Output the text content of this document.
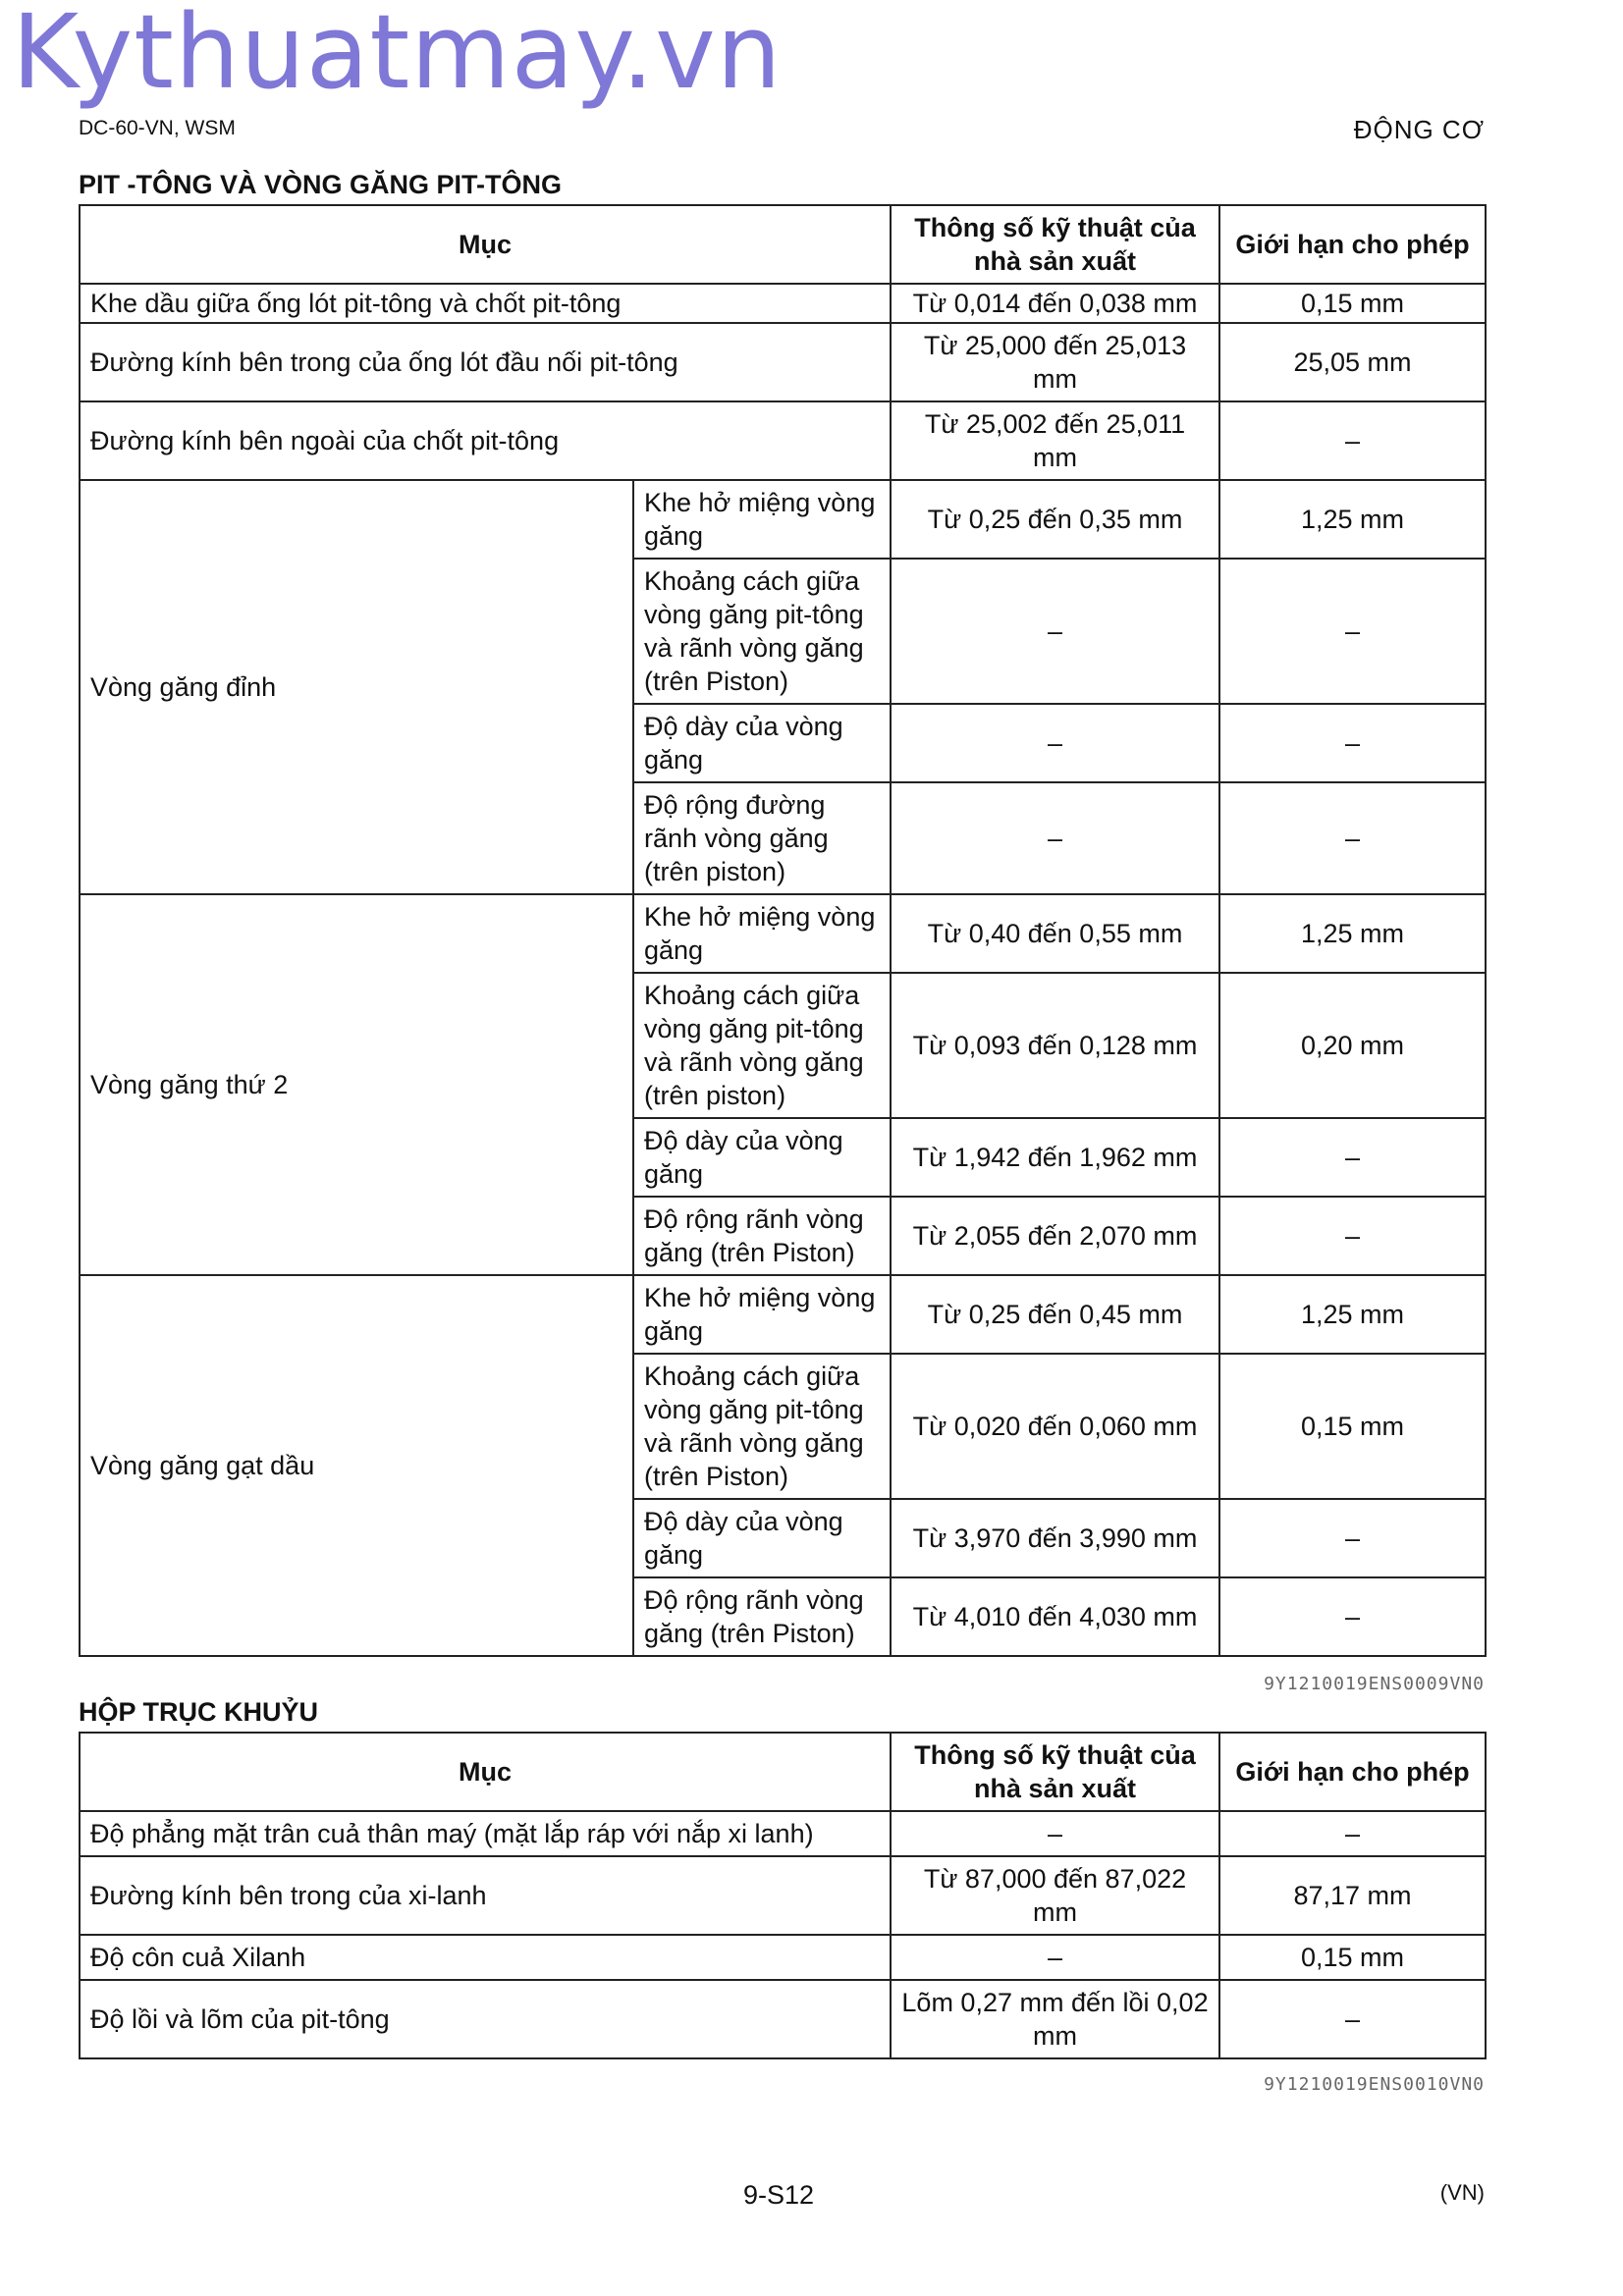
Kythuatmay.vn
DC-60-VN, WSM	ĐỘNG CƠ
PIT -TÔNG VÀ VÒNG GĂNG PIT-TÔNG
Mục		Thông số kỹ thuật của nhà sản xuất	Giới hạn cho phép
Khe dầu giữa ống lót pit-tông và chốt pit-tông		Từ 0,014 đến 0,038 mm	0,15 mm
Đường kính bên trong của ống lót đầu nối pit-tông		Từ 25,000 đến 25,013 mm	25,05 mm
Đường kính bên ngoài của chốt pit-tông		Từ 25,002 đến 25,011 mm	–
Vòng găng đỉnh	Khe hở miệng vòng găng	Từ 0,25 đến 0,35 mm	1,25 mm
	Khoảng cách giữa vòng găng pit-tông và rãnh vòng găng (trên Piston)	–	–
	Độ dày của vòng găng	–	–
	Độ rộng đường rãnh vòng găng (trên piston)	–	–
Vòng găng thứ 2	Khe hở miệng vòng găng	Từ 0,40 đến 0,55 mm	1,25 mm
	Khoảng cách giữa vòng găng pit-tông và rãnh vòng găng (trên piston)	Từ 0,093 đến 0,128 mm	0,20 mm
	Độ dày của vòng găng	Từ 1,942 đến 1,962 mm	–
	Độ rộng rãnh vòng găng (trên Piston)	Từ 2,055 đến 2,070 mm	–
Vòng găng gạt dầu	Khe hở miệng vòng găng	Từ 0,25 đến 0,45 mm	1,25 mm
	Khoảng cách giữa vòng găng pit-tông và rãnh vòng găng (trên Piston)	Từ 0,020 đến 0,060 mm	0,15 mm
	Độ dày của vòng găng	Từ 3,970 đến 3,990 mm	–
	Độ rộng rãnh vòng găng (trên Piston)	Từ 4,010 đến 4,030 mm	–
9Y1210019ENS0009VN0
HỘP TRỤC KHUỶU
Mục	Thông số kỹ thuật của nhà sản xuất	Giới hạn cho phép
Độ phẳng mặt trân cuả thân maý (mặt lắp ráp với nắp xi lanh)	–	–
Đường kính bên trong của xi-lanh	Từ 87,000 đến 87,022 mm	87,17 mm
Độ côn cuả Xilanh	–	0,15 mm
Độ lồi và lõm của pit-tông	Lõm 0,27 mm đến lồi 0,02 mm	–
9Y1210019ENS0010VN0
9-S12	(VN)
